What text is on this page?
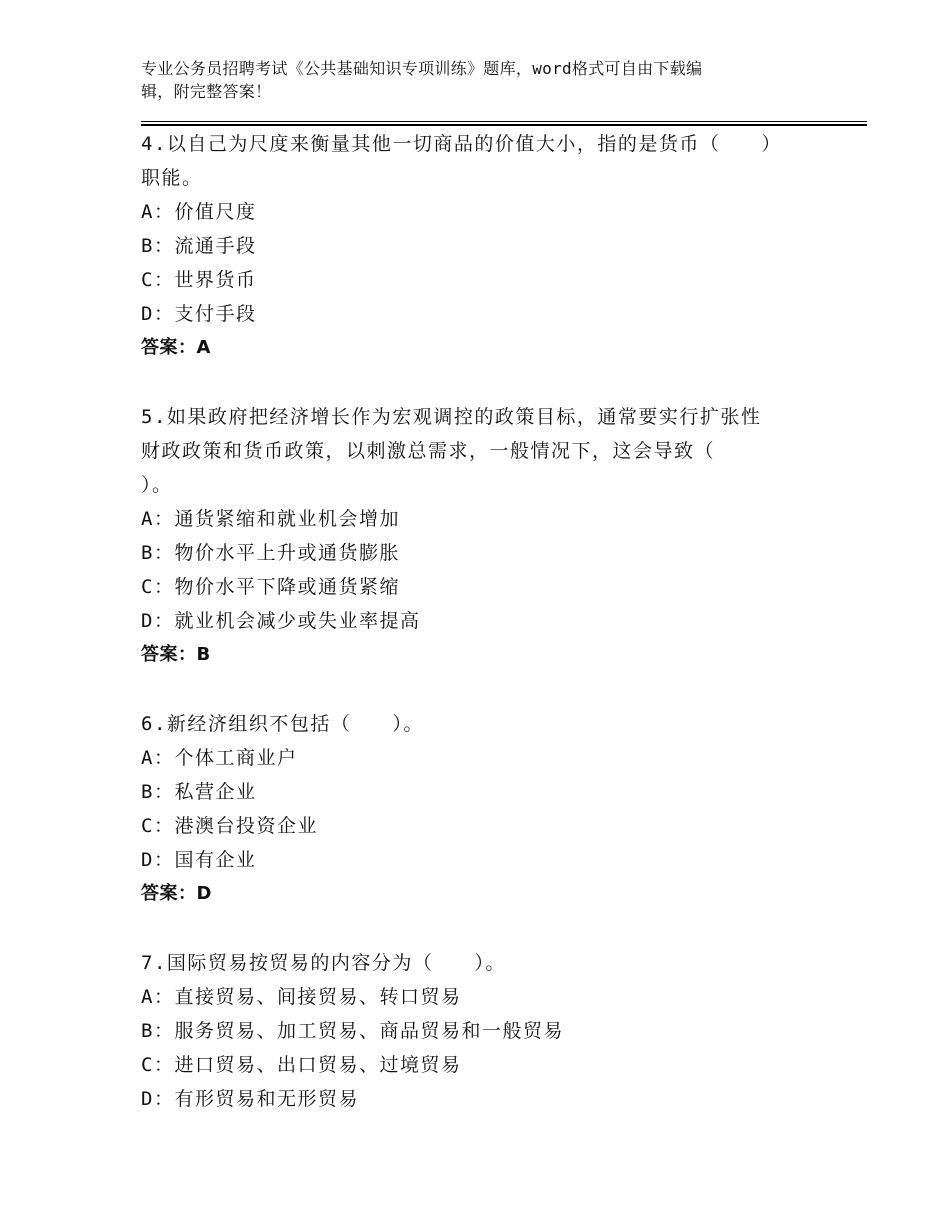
专业公务员招聘考试《公共基础知识专项训练》题库，word格式可自由下载编
辑，附完整答案！
4.以自己为尺度来衡量其他一切商品的价值大小，指的是货币（　　）
职能。
A：价值尺度
B：流通手段
C：世界货币
D：支付手段
答案：A
5.如果政府把经济增长作为宏观调控的政策目标，通常要实行扩张性
财政政策和货币政策，以刺激总需求，一般情况下，这会导致（
）。
A：通货紧缩和就业机会增加
B：物价水平上升或通货膨胀
C：物价水平下降或通货紧缩
D：就业机会减少或失业率提高
答案：B
6.新经济组织不包括（　　）。
A：个体工商业户
B：私营企业
C：港澳台投资企业
D：国有企业
答案：D
7.国际贸易按贸易的内容分为（　　）。
A：直接贸易、间接贸易、转口贸易
B：服务贸易、加工贸易、商品贸易和一般贸易
C：进口贸易、出口贸易、过境贸易
D：有形贸易和无形贸易
